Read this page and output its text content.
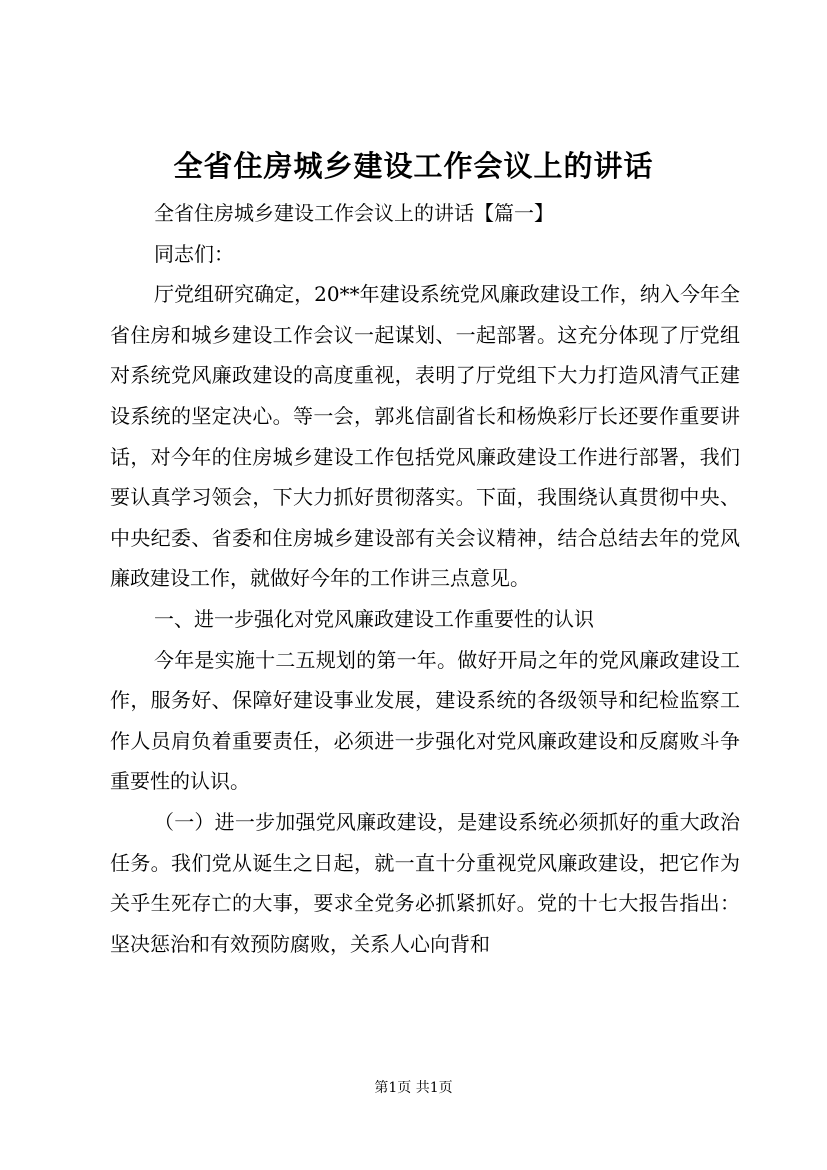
全省住房城乡建设工作会议上的讲话

全省住房城乡建设工作会议上的讲话【篇一】

同志们：

厅党组研究确定，20**年建设系统党风廉政建设工作，纳入今年全省住房和城乡建设工作会议一起谋划、一起部署。这充分体现了厅党组对系统党风廉政建设的高度重视，表明了厅党组下大力打造风清气正建设系统的坚定决心。等一会，郭兆信副省长和杨焕彩厅长还要作重要讲话，对今年的住房城乡建设工作包括党风廉政建设工作进行部署，我们要认真学习领会，下大力抓好贯彻落实。下面，我围绕认真贯彻中央、中央纪委、省委和住房城乡建设部有关会议精神，结合总结去年的党风廉政建设工作，就做好今年的工作讲三点意见。

一、进一步强化对党风廉政建设工作重要性的认识

今年是实施十二五规划的第一年。做好开局之年的党风廉政建设工作，服务好、保障好建设事业发展，建设系统的各级领导和纪检监察工作人员肩负着重要责任，必须进一步强化对党风廉政建设和反腐败斗争重要性的认识。

（一）进一步加强党风廉政建设，是建设系统必须抓好的重大政治任务。我们党从诞生之日起，就一直十分重视党风廉政建设，把它作为关乎生死存亡的大事，要求全党务必抓紧抓好。党的十七大报告指出：坚决惩治和有效预防腐败，关系人心向背和

第1页 共1页
